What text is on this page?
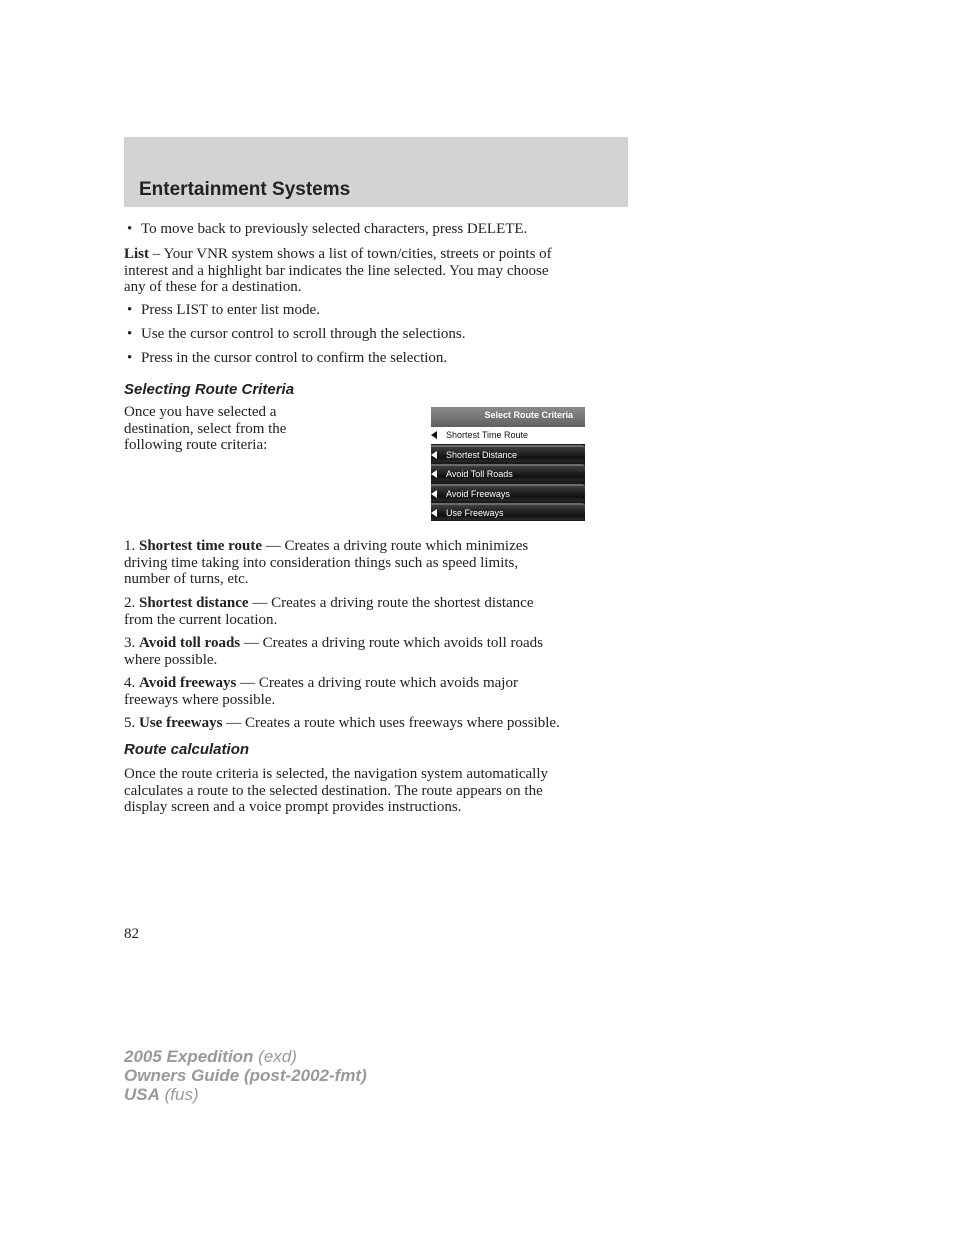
Entertainment Systems
• To move back to previously selected characters, press DELETE.
List – Your VNR system shows a list of town/cities, streets or points of
interest and a highlight bar indicates the line selected. You may choose
any of these for a destination.
• Press LIST to enter list mode.
• Use the cursor control to scroll through the selections.
• Press in the cursor control to confirm the selection.
Selecting Route Criteria
Once you have selected a
destination, select from the
following route criteria:
Select Route Criteria
Shortest Time Route
Shortest Distance
Avoid Toll Roads
Avoid Freeways
Use Freeways
1. Shortest time route — Creates a driving route which minimizes
driving time taking into consideration things such as speed limits,
number of turns, etc.
2. Shortest distance — Creates a driving route the shortest distance
from the current location.
3. Avoid toll roads — Creates a driving route which avoids toll roads
where possible.
4. Avoid freeways — Creates a driving route which avoids major
freeways where possible.
5. Use freeways — Creates a route which uses freeways where possible.
Route calculation
Once the route criteria is selected, the navigation system automatically
calculates a route to the selected destination. The route appears on the
display screen and a voice prompt provides instructions.
82
2005 Expedition (exd)
Owners Guide (post-2002-fmt)
USA (fus)
